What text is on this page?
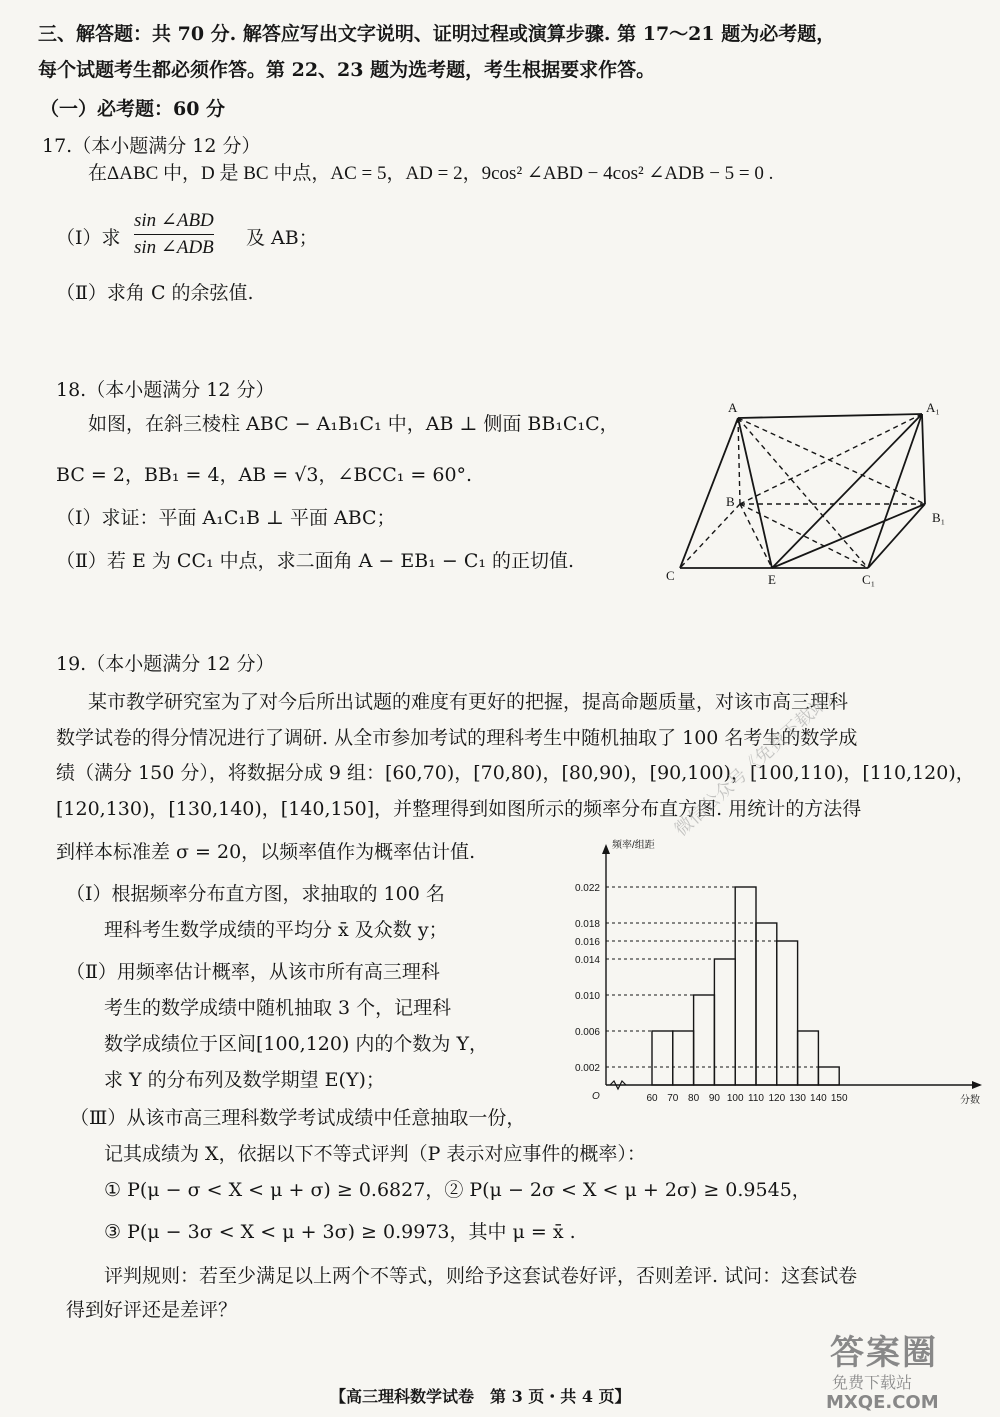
三、解答题：共 70 分. 解答应写出文字说明、证明过程或演算步骤. 第 17～21 题为必考题，
每个试题考生都必须作答。第 22、23 题为选考题，考生根据要求作答。
（一）必考题：60 分
17.（本小题满分 12 分）
在ΔABC 中，D 是 BC 中点，AC = 5，AD = 2，9cos² ∠ABD − 4cos² ∠ADB − 5 = 0 .
（Ⅰ）求
sin ∠ABD
sin ∠ADB 及 AB；
（Ⅱ）求角 C 的余弦值.
18.（本小题满分 12 分）
如图，在斜三棱柱 ABC − A₁B₁C₁ 中，AB ⊥ 侧面 BB₁C₁C，
BC = 2，BB₁ = 4，AB = √3，∠BCC₁ = 60°.
（Ⅰ）求证：平面 A₁C₁B ⊥ 平面 ABC；
（Ⅱ）若 E 为 CC₁ 中点，求二面角 A − EB₁ − C₁ 的正切值.
A	A₁
B
B₁
C	E	C₁
19.（本小题满分 12 分）
某市教学研究室为了对今后所出试题的难度有更好的把握，提高命题质量，对该市高三理科
数学试卷的得分情况进行了调研. 从全市参加考试的理科考生中随机抽取了 100 名考生的数学成
绩（满分 150 分），将数据分成 9 组：[60,70)，[70,80)，[80,90)，[90,100)，[100,110)，[110,120)，
[120,130)，[130,140)，[140,150]，并整理得到如图所示的频率分布直方图. 用统计的方法得
到样本标准差 σ = 20，以频率值作为概率估计值.
（Ⅰ）根据频率分布直方图，求抽取的 100 名
理科考生数学成绩的平均分 x̄ 及众数 y；
（Ⅱ）用频率估计概率，从该市所有高三理科
考生的数学成绩中随机抽取 3 个，记理科
数学成绩位于区间[100,120) 内的个数为 Y，
求 Y 的分布列及数学期望 E(Y)；
（Ⅲ）从该市高三理科数学考试成绩中任意抽取一份，
记其成绩为 X，依据以下不等式评判（P 表示对应事件的概率）：
① P(μ − σ < X < μ + σ) ≥ 0.6827，② P(μ − 2σ < X < μ + 2σ) ≥ 0.9545，
③ P(μ − 3σ < X < μ + 3σ) ≥ 0.9973，其中 μ = x̄ .
评判规则：若至少满足以上两个不等式，则给予这套试卷好评，否则差评. 试问：这套试卷
得到好评还是差评？
0.002
0.006
0.010
0.014
0.016
0.018
0.022
60 70 80 90 100 110 120 130 140 150
O
频率/组距
分数
微信公众号《免费下载站》
【高三理科数学试卷　第 3 页・共 4 页】
答案圈
免费下载站
MXQE.COM
